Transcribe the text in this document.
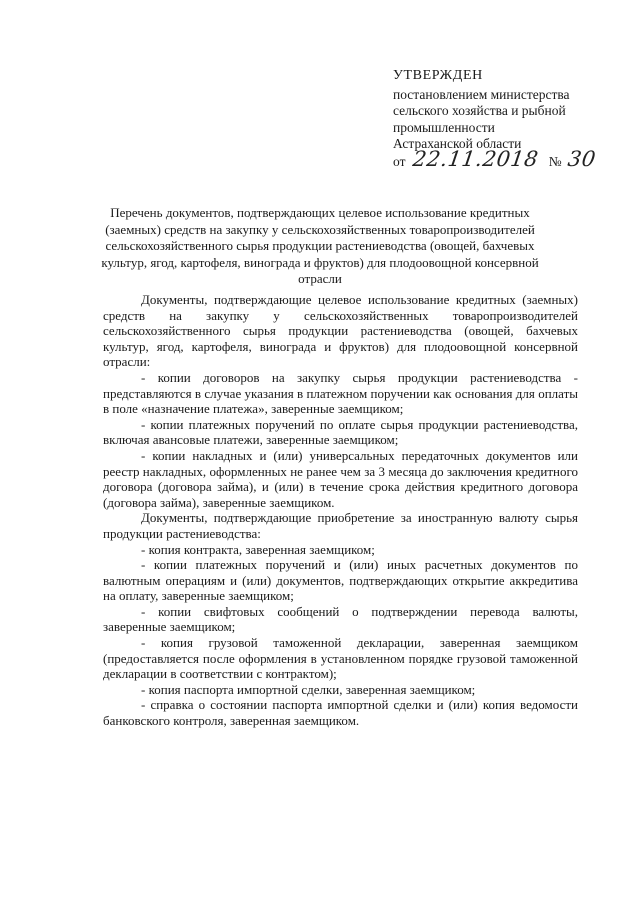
УТВЕРЖДЕН
постановлением министерства
сельского хозяйства и рыбной
промышленности
Астраханской области
от 22.11.2018 № 30
Перечень документов, подтверждающих целевое использование кредитных (заемных) средств на закупку у сельскохозяйственных товаропроизводителей сельскохозяйственного сырья продукции растениеводства (овощей, бахчевых культур, ягод, картофеля, винограда и фруктов) для плодоовощной консервной отрасли

Документы, подтверждающие целевое использование кредитных (заемных) средств на закупку у сельскохозяйственных товаропроизводителей сельскохозяйственного сырья продукции растениеводства (овощей, бахчевых культур, ягод, картофеля, винограда и фруктов) для плодоовощной консервной отрасли:

- копии договоров на закупку сырья продукции растениеводства - представляются в случае указания в платежном поручении как основания для оплаты в поле «назначение платежа», заверенные заемщиком;

- копии платежных поручений по оплате сырья продукции растениеводства, включая авансовые платежи, заверенные заемщиком;

- копии накладных и (или) универсальных передаточных документов или реестр накладных, оформленных не ранее чем за 3 месяца до заключения кредитного договора (договора займа), и (или) в течение срока действия кредитного договора (договора займа), заверенные заемщиком.

Документы, подтверждающие приобретение за иностранную валюту сырья продукции растениеводства:

- копия контракта, заверенная заемщиком;

- копии платежных поручений и (или) иных расчетных документов по валютным операциям и (или) документов, подтверждающих открытие аккредитива на оплату, заверенные заемщиком;

- копии свифтовых сообщений о подтверждении перевода валюты, заверенные заемщиком;

- копия грузовой таможенной декларации, заверенная заемщиком (предоставляется после оформления в установленном порядке грузовой таможенной декларации в соответствии с контрактом);

- копия паспорта импортной сделки, заверенная заемщиком;

- справка о состоянии паспорта импортной сделки и (или) копия ведомости банковского контроля, заверенная заемщиком.
